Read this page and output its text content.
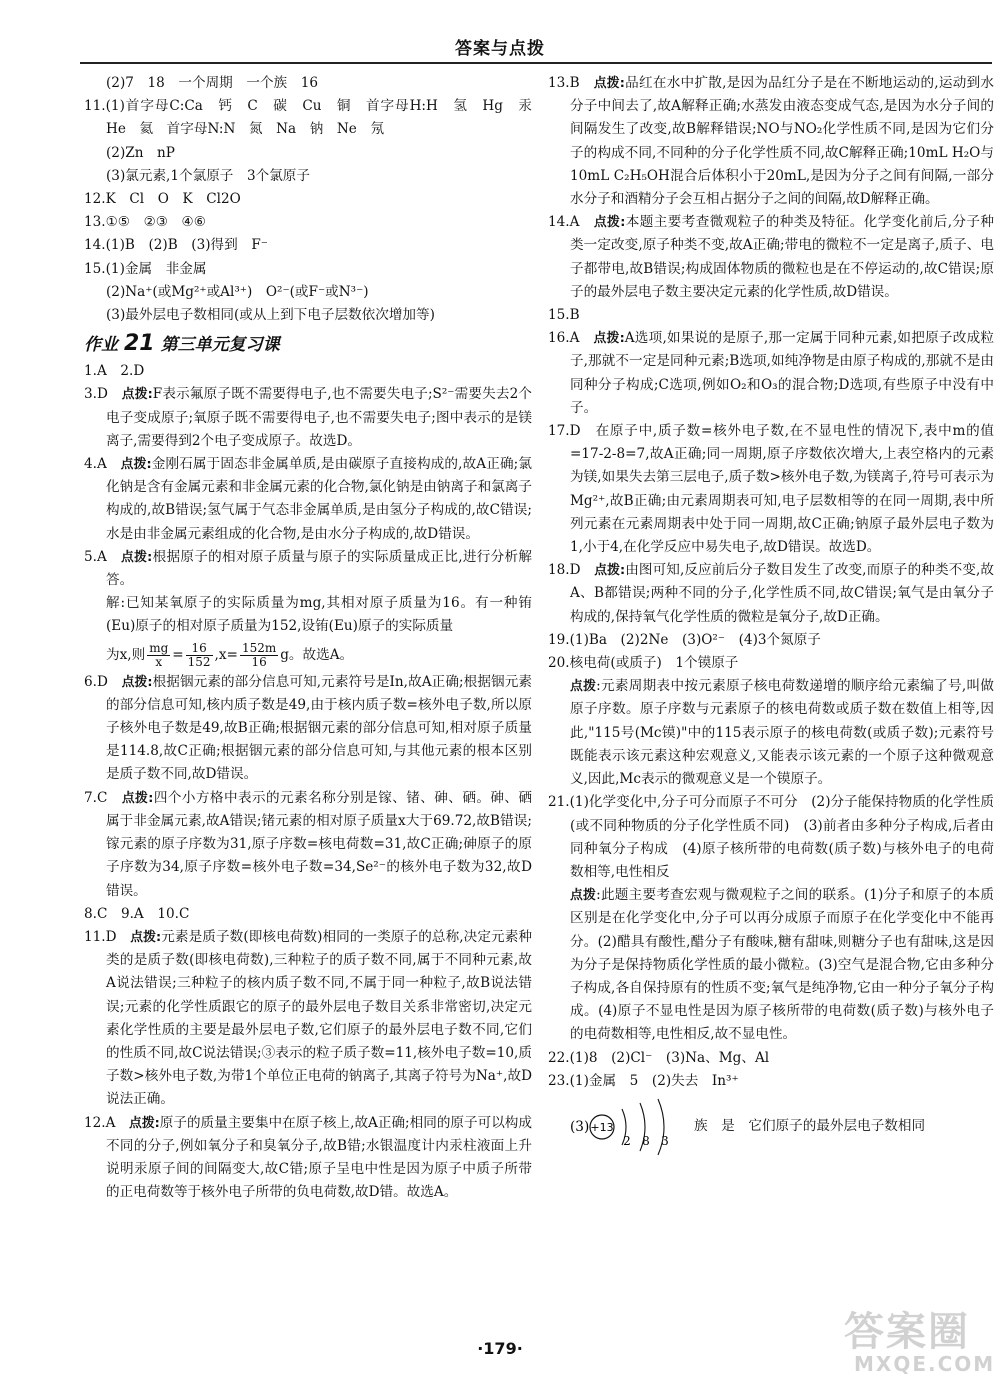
答案与点拨

(2)7　18　一个周期　一个族　16

11.(1)首字母C:Ca　钙　C　碳　Cu　铜　首字母H:H　氢　Hg　汞　He　氦　首字母N:N　氮　Na　钠　Ne　氖

(2)Zn　nP

(3)氯元素,1个氯原子　3个氯原子

12.K　Cl　O　K　Cl2O

13.①⑤　②③　④⑥

14.(1)B　(2)B　(3)得到　F⁻

15.(1)金属　非金属

(2)Na⁺(或Mg²⁺或Al³⁺)　O²⁻(或F⁻或N³⁻)

(3)最外层电子数相同(或从上到下电子层数依次增加等)

作业 21 第三单元复习课

1.A　2.D

3.D　点拨:F表示氟原子既不需要得电子,也不需要失电子;S²⁻需要失去2个电子变成原子;氧原子既不需要得电子,也不需要失电子;图中表示的是镁离子,需要得到2个电子变成原子。故选D。

4.A　点拨:金刚石属于固态非金属单质,是由碳原子直接构成的,故A正确;氯化钠是含有金属元素和非金属元素的化合物,氯化钠是由钠离子和氯离子构成的,故B错误;氢气属于气态非金属单质,是由氢分子构成的,故C错误;水是由非金属元素组成的化合物,是由水分子构成的,故D错误。

5.A　点拨:根据原子的相对原子质量与原子的实际质量成正比,进行分析解答。

解:已知某氧原子的实际质量为mg,其相对原子质量为16。有一种铕(Eu)原子的相对原子质量为152,设铕(Eu)原子的实际质量

为x,则 $\frac{mg}{x} = \frac{16}{152} ,x= \frac{152m}{16}$ g。故选A。

6.D　点拨:根据铟元素的部分信息可知,元素符号是In,故A正确;根据铟元素的部分信息可知,核内质子数是49,由于核内质子数=核外电子数,所以原子核外电子数是49,故B正确;根据铟元素的部分信息可知,相对原子质量是114.8,故C正确;根据铟元素的部分信息可知,与其他元素的根本区别是质子数不同,故D错误。

7.C　点拨:四个小方格中表示的元素名称分别是镓、锗、砷、硒。砷、硒属于非金属元素,故A错误;锗元素的相对原子质量x大于69.72,故B错误;镓元素的原子序数为31,原子序数=核电荷数=31,故C正确;砷原子的原子序数为34,原子序数=核外电子数=34,Se²⁻的核外电子数为32,故D错误。

8.C　9.A　10.C

11.D　点拨:元素是质子数(即核电荷数)相同的一类原子的总称,决定元素种类的是质子数(即核电荷数),三种粒子的质子数不同,属于不同种元素,故A说法错误;三种粒子的核内质子数不同,不属于同一种粒子,故B说法错误;元素的化学性质跟它的原子的最外层电子数目关系非常密切,决定元素化学性质的主要是最外层电子数,它们原子的最外层电子数不同,它们的性质不同,故C说法错误;③表示的粒子质子数=11,核外电子数=10,质子数>核外电子数,为带1个单位正电荷的钠离子,其离子符号为Na⁺,故D说法正确。

12.A　点拨:原子的质量主要集中在原子核上,故A正确;相同的原子可以构成不同的分子,例如氧分子和臭氧分子,故B错;水银温度计内汞柱液面上升说明汞原子间的间隔变大,故C错;原子呈电中性是因为原子中质子所带的正电荷数等于核外电子所带的负电荷数,故D错。故选A。

13.B　点拨:品红在水中扩散,是因为品红分子是在不断地运动的,运动到水分子中间去了,故A解释正确;水蒸发由液态变成气态,是因为水分子间的间隔发生了改变,故B解释错误;NO与NO₂化学性质不同,是因为它们分子的构成不同,不同种的分子化学性质不同,故C解释正确;10mL H₂O与10mL C₂H₅OH混合后体积小于20mL,是因为分子之间有间隔,一部分水分子和酒精分子会互相占据分子之间的间隔,故D解释正确。

14.A　点拨:本题主要考查微观粒子的种类及特征。化学变化前后,分子种类一定改变,原子种类不变,故A正确;带电的微粒不一定是离子,质子、电子都带电,故B错误;构成固体物质的微粒也是在不停运动的,故C错误;原子的最外层电子数主要决定元素的化学性质,故D错误。

15.B

16.A　点拨:A选项,如果说的是原子,那一定属于同种元素,如把原子改成粒子,那就不一定是同种元素;B选项,如纯净物是由原子构成的,那就不是由同种分子构成;C选项,例如O₂和O₃的混合物;D选项,有些原子中没有中子。

17.D　在原子中,质子数=核外电子数,在不显电性的情况下,表中m的值=17-2-8=7,故A正确;同一周期,原子序数依次增大,上表空格内的元素为镁,如果失去第三层电子,质子数>核外电子数,为镁离子,符号可表示为Mg²⁺,故B正确;由元素周期表可知,电子层数相等的在同一周期,表中所列元素在元素周期表中处于同一周期,故C正确;钠原子最外层电子数为1,小于4,在化学反应中易失电子,故D错误。故选D。

18.D　点拨:由图可知,反应前后分子数目发生了改变,而原子的种类不变,故A、B都错误;两种不同的分子,化学性质不同,故C错误;氧气是由氧分子构成的,保持氧气化学性质的微粒是氧分子,故D正确。

19.(1)Ba　(2)2Ne　(3)O²⁻　(4)3个氮原子

20.核电荷(或质子)　1个镆原子

点拨:元素周期表中按元素原子核电荷数递增的顺序给元素编了号,叫做原子序数。原子序数与元素原子的核电荷数或质子数在数值上相等,因此,"115号(Mc镆)"中的115表示原子的核电荷数(或质子数);元素符号既能表示该元素这种宏观意义,又能表示该元素的一个原子这种微观意义,因此,Mc表示的微观意义是一个镆原子。

21.(1)化学变化中,分子可分而原子不可分　(2)分子能保持物质的化学性质(或不同种物质的分子化学性质不同)　(3)前者由多种分子构成,后者由同种氧分子构成　(4)原子核所带的电荷数(质子数)与核外电子的电荷数相等,电性相反

点拨:此题主要考查宏观与微观粒子之间的联系。(1)分子和原子的本质区别是在化学变化中,分子可以再分成原子而原子在化学变化中不能再分。(2)醋具有酸性,醋分子有酸味,糖有甜味,则糖分子也有甜味,这是因为分子是保持物质化学性质的最小微粒。(3)空气是混合物,它由多种分子构成,各自保持原有的性质不变;氧气是纯净物,它由一种分子氧分子构成。(4)原子不显电性是因为原子核所带的电荷数(质子数)与核外电子的电荷数相等,电性相反,故不显电性。

22.(1)8　(2)Cl⁻　(3)Na、Mg、Al

23.(1)金属　5　(2)失去　In³⁺

(3) +13
2 8 3
族　是　它们原子的最外层电子数相同
·179·	答案圈
MXQE.COM
